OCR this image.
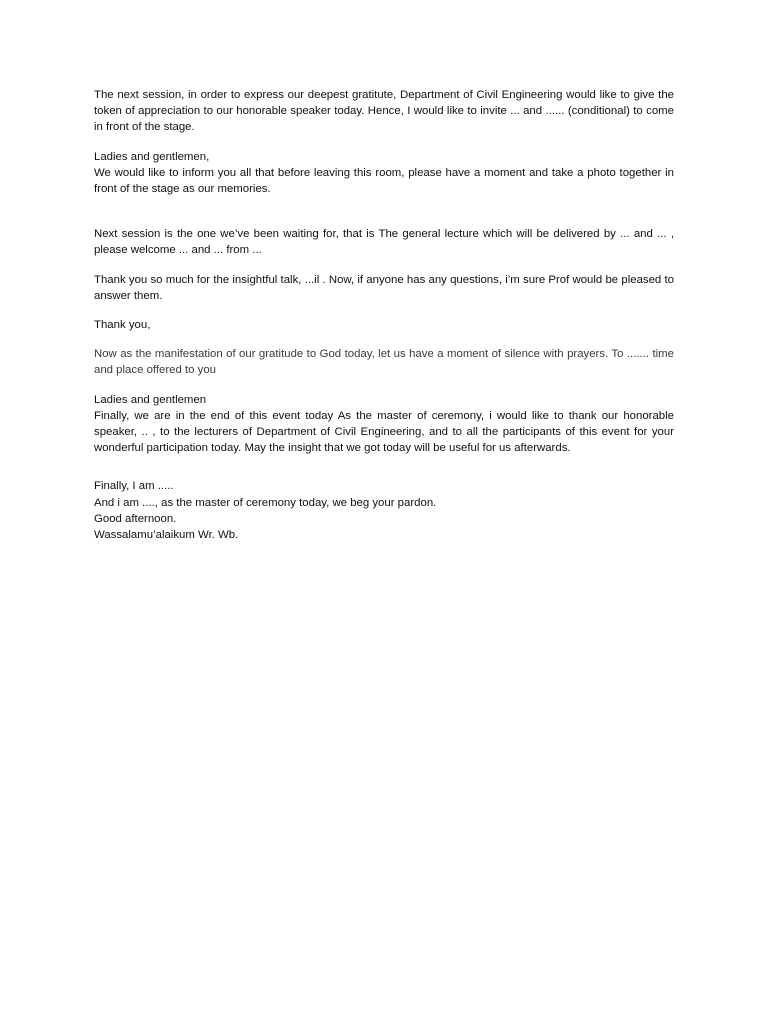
The next session, in order to express our deepest gratitute, Department of Civil Engineering would like to give the token of appreciation to our honorable speaker today. Hence, I would like to invite ... and ...... (conditional) to come in front of the stage.

Ladies and gentlemen,
We would like to inform you all that before leaving this room, please have a moment and take a photo together in front of the stage as our memories.

Next session is the one we’ve been waiting for, that is The general lecture which will be delivered by ... and ... , please welcome ... and ... from ...

Thank you so much for the insightful talk, ...il . Now, if anyone has any questions, i’m sure Prof would be pleased to answer them.

Thank you,

Now as the manifestation of our gratitude to God today, let us have a moment of silence with prayers. To ....... time and place offered to you

Ladies and gentlemen
Finally, we are in the end of this event today As the master of ceremony, i would like to thank our honorable speaker, .. , to the lecturers of Department of Civil Engineering, and to all the participants of this event for your wonderful participation today. May the insight that we got today will be useful for us afterwards.

Finally, I am .....
And i am ...., as the master of ceremony today, we beg your pardon.
Good afternoon.
Wassalamu’alaikum Wr. Wb.
